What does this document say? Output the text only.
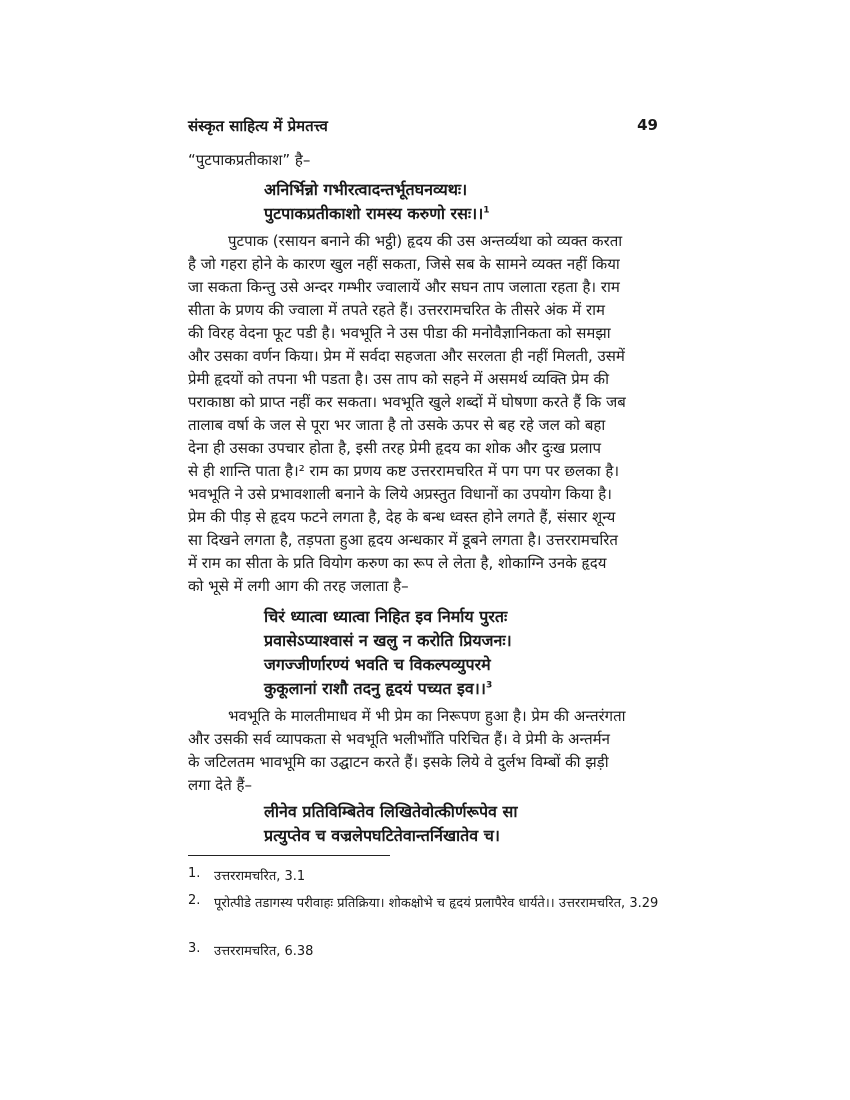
संस्कृत साहित्य में प्रेमतत्त्व	49
“पुटपाकप्रतीकाश” है–
अनिर्भिन्नो गभीरत्वादन्तर्भूतघनव्यथः।
पुटपाकप्रतीकाशो रामस्य करुणो रसः।।$^1$
पुटपाक (रसायन बनाने की भट्ठी) हृदय की उस अन्तर्व्यथा को व्यक्त करता
है जो गहरा होने के कारण खुल नहीं सकता, जिसे सब के सामने व्यक्त नहीं किया
जा सकता किन्तु उसे अन्दर गम्भीर ज्वालायें और सघन ताप जलाता रहता है। राम
सीता के प्रणय की ज्वाला में तपते रहते हैं। उत्तररामचरित के तीसरे अंक में राम
की विरह वेदना फूट पडी है। भवभूति ने उस पीडा की मनोवैज्ञानिकता को समझा
और उसका वर्णन किया। प्रेम में सर्वदा सहजता और सरलता ही नहीं मिलती, उसमें
प्रेमी हृदयों को तपना भी पडता है। उस ताप को सहने में असमर्थ व्यक्ति प्रेम की
पराकाष्ठा को प्राप्त नहीं कर सकता। भवभूति खुले शब्दों में घोषणा करते हैं कि जब
तालाब वर्षा के जल से पूरा भर जाता है तो उसके ऊपर से बह रहे जल को बहा
देना ही उसका उपचार होता है, इसी तरह प्रेमी हृदय का शोक और दुःख प्रलाप
से ही शान्ति पाता है।² राम का प्रणय कष्ट उत्तररामचरित में पग पग पर छलका है।
भवभूति ने उसे प्रभावशाली बनाने के लिये अप्रस्तुत विधानों का उपयोग किया है।
प्रेम की पीड़ से हृदय फटने लगता है, देह के बन्ध ध्वस्त होने लगते हैं, संसार शून्य
सा दिखने लगता है, तड़पता हुआ हृदय अन्धकार में डूबने लगता है। उत्तररामचरित
में राम का सीता के प्रति वियोग करुण का रूप ले लेता है, शोकाग्नि उनके हृदय
को भूसे में लगी आग की तरह जलाता है–
चिरं ध्यात्वा ध्यात्वा निहित इव निर्माय पुरतः
प्रवासेऽप्याश्वासं न खलु न करोति प्रियजनः।
जगज्जीर्णारण्यं भवति च विकल्पव्युपरमे
कुकूलानां राशौ तदनु हृदयं पच्यत इव।।$^3$
भवभूति के मालतीमाधव में भी प्रेम का निरूपण हुआ है। प्रेम की अन्तरंगता
और उसकी सर्व व्यापकता से भवभूति भलीभाँति परिचित हैं। वे प्रेमी के अन्तर्मन
के जटिलतम भावभूमि का उद्घाटन करते हैं। इसके लिये वे दुर्लभ विम्बों की झड़ी
लगा देते हैं–
लीनेव प्रतिविम्बितेव लिखितेवोत्कीर्णरूपेव सा
प्रत्युप्तेव च वज्रलेपघटितेवान्तर्निखातेव च।
1. उत्तररामचरित, 3.1
2. पूरोत्पीडे तडागस्य परीवाहः प्रतिक्रिया। शोकक्षोभे च हृदयं प्रलापैरेव धार्यते।। उत्तररामचरित, 3.29
3. उत्तररामचरित, 6.38
